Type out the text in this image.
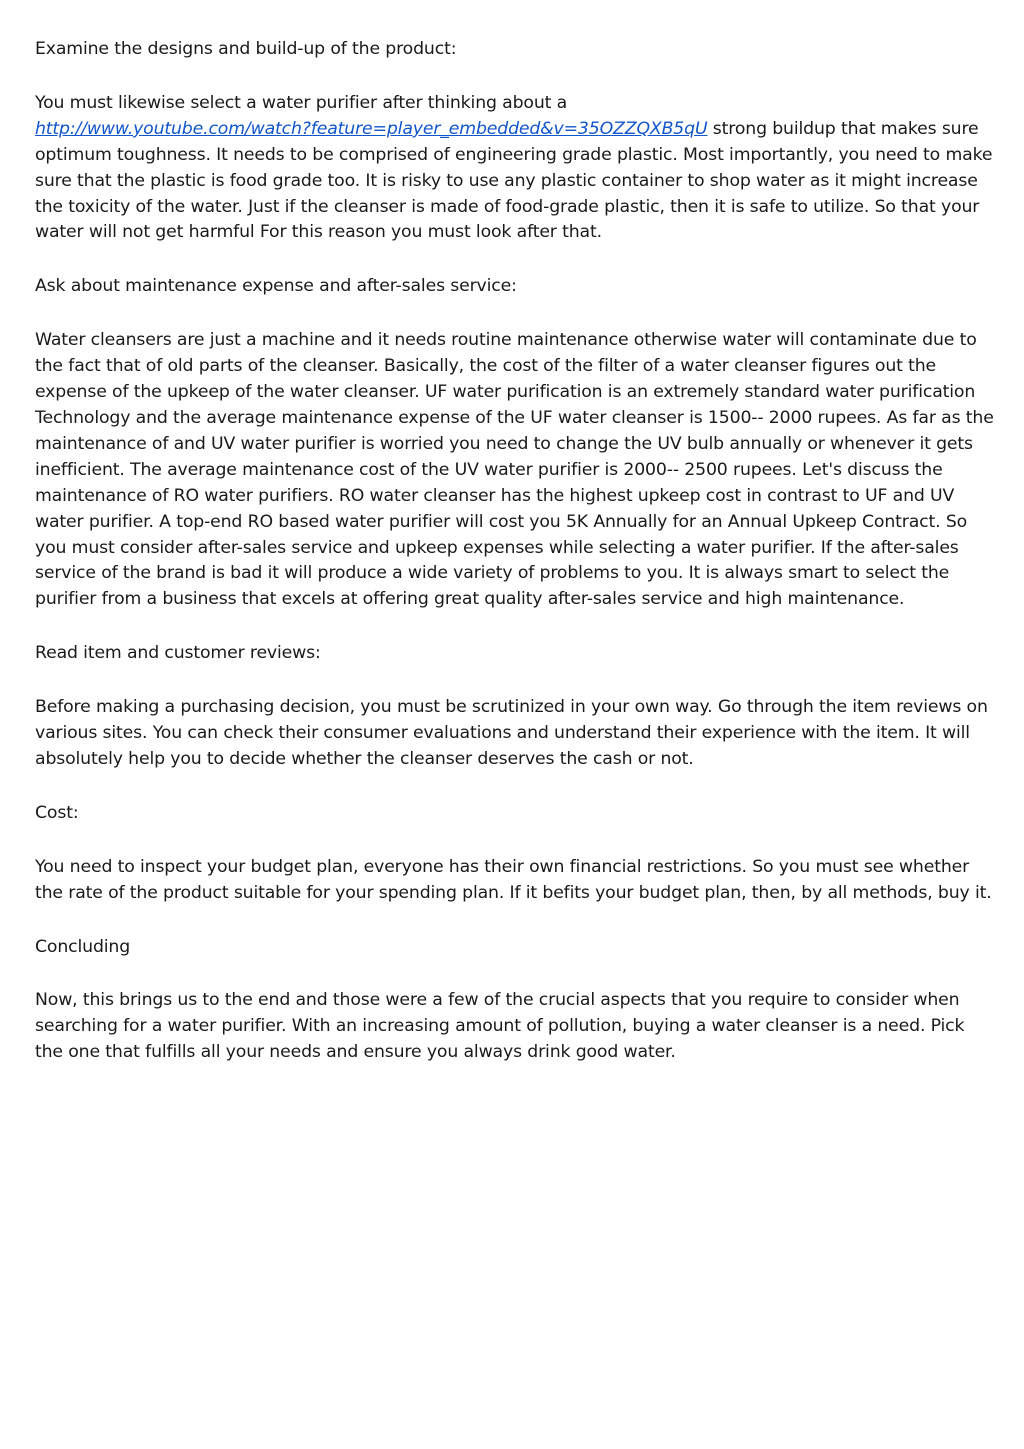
Examine the designs and build-up of the product:

You must likewise select a water purifier after thinking about a
http://www.youtube.com/watch?feature=player_embedded&v=35OZZQXB5qU strong buildup that makes sure optimum toughness. It needs to be comprised of engineering grade plastic. Most importantly, you need to make sure that the plastic is food grade too. It is risky to use any plastic container to shop water as it might increase the toxicity of the water. Just if the cleanser is made of food-grade plastic, then it is safe to utilize. So that your water will not get harmful For this reason you must look after that.

Ask about maintenance expense and after-sales service:

Water cleansers are just a machine and it needs routine maintenance otherwise water will contaminate due to the fact that of old parts of the cleanser. Basically, the cost of the filter of a water cleanser figures out the expense of the upkeep of the water cleanser. UF water purification is an extremely standard water purification Technology and the average maintenance expense of the UF water cleanser is 1500-- 2000 rupees. As far as the maintenance of and UV water purifier is worried you need to change the UV bulb annually or whenever it gets inefficient. The average maintenance cost of the UV water purifier is 2000-- 2500 rupees. Let's discuss the maintenance of RO water purifiers. RO water cleanser has the highest upkeep cost in contrast to UF and UV water purifier. A top-end RO based water purifier will cost you 5K Annually for an Annual Upkeep Contract. So you must consider after-sales service and upkeep expenses while selecting a water purifier. If the after-sales service of the brand is bad it will produce a wide variety of problems to you. It is always smart to select the purifier from a business that excels at offering great quality after-sales service and high maintenance.

Read item and customer reviews:

Before making a purchasing decision, you must be scrutinized in your own way. Go through the item reviews on various sites. You can check their consumer evaluations and understand their experience with the item. It will absolutely help you to decide whether the cleanser deserves the cash or not.

Cost:

You need to inspect your budget plan, everyone has their own financial restrictions. So you must see whether the rate of the product suitable for your spending plan. If it befits your budget plan, then, by all methods, buy it.

Concluding

Now, this brings us to the end and those were a few of the crucial aspects that you require to consider when searching for a water purifier. With an increasing amount of pollution, buying a water cleanser is a need. Pick the one that fulfills all your needs and ensure you always drink good water.
